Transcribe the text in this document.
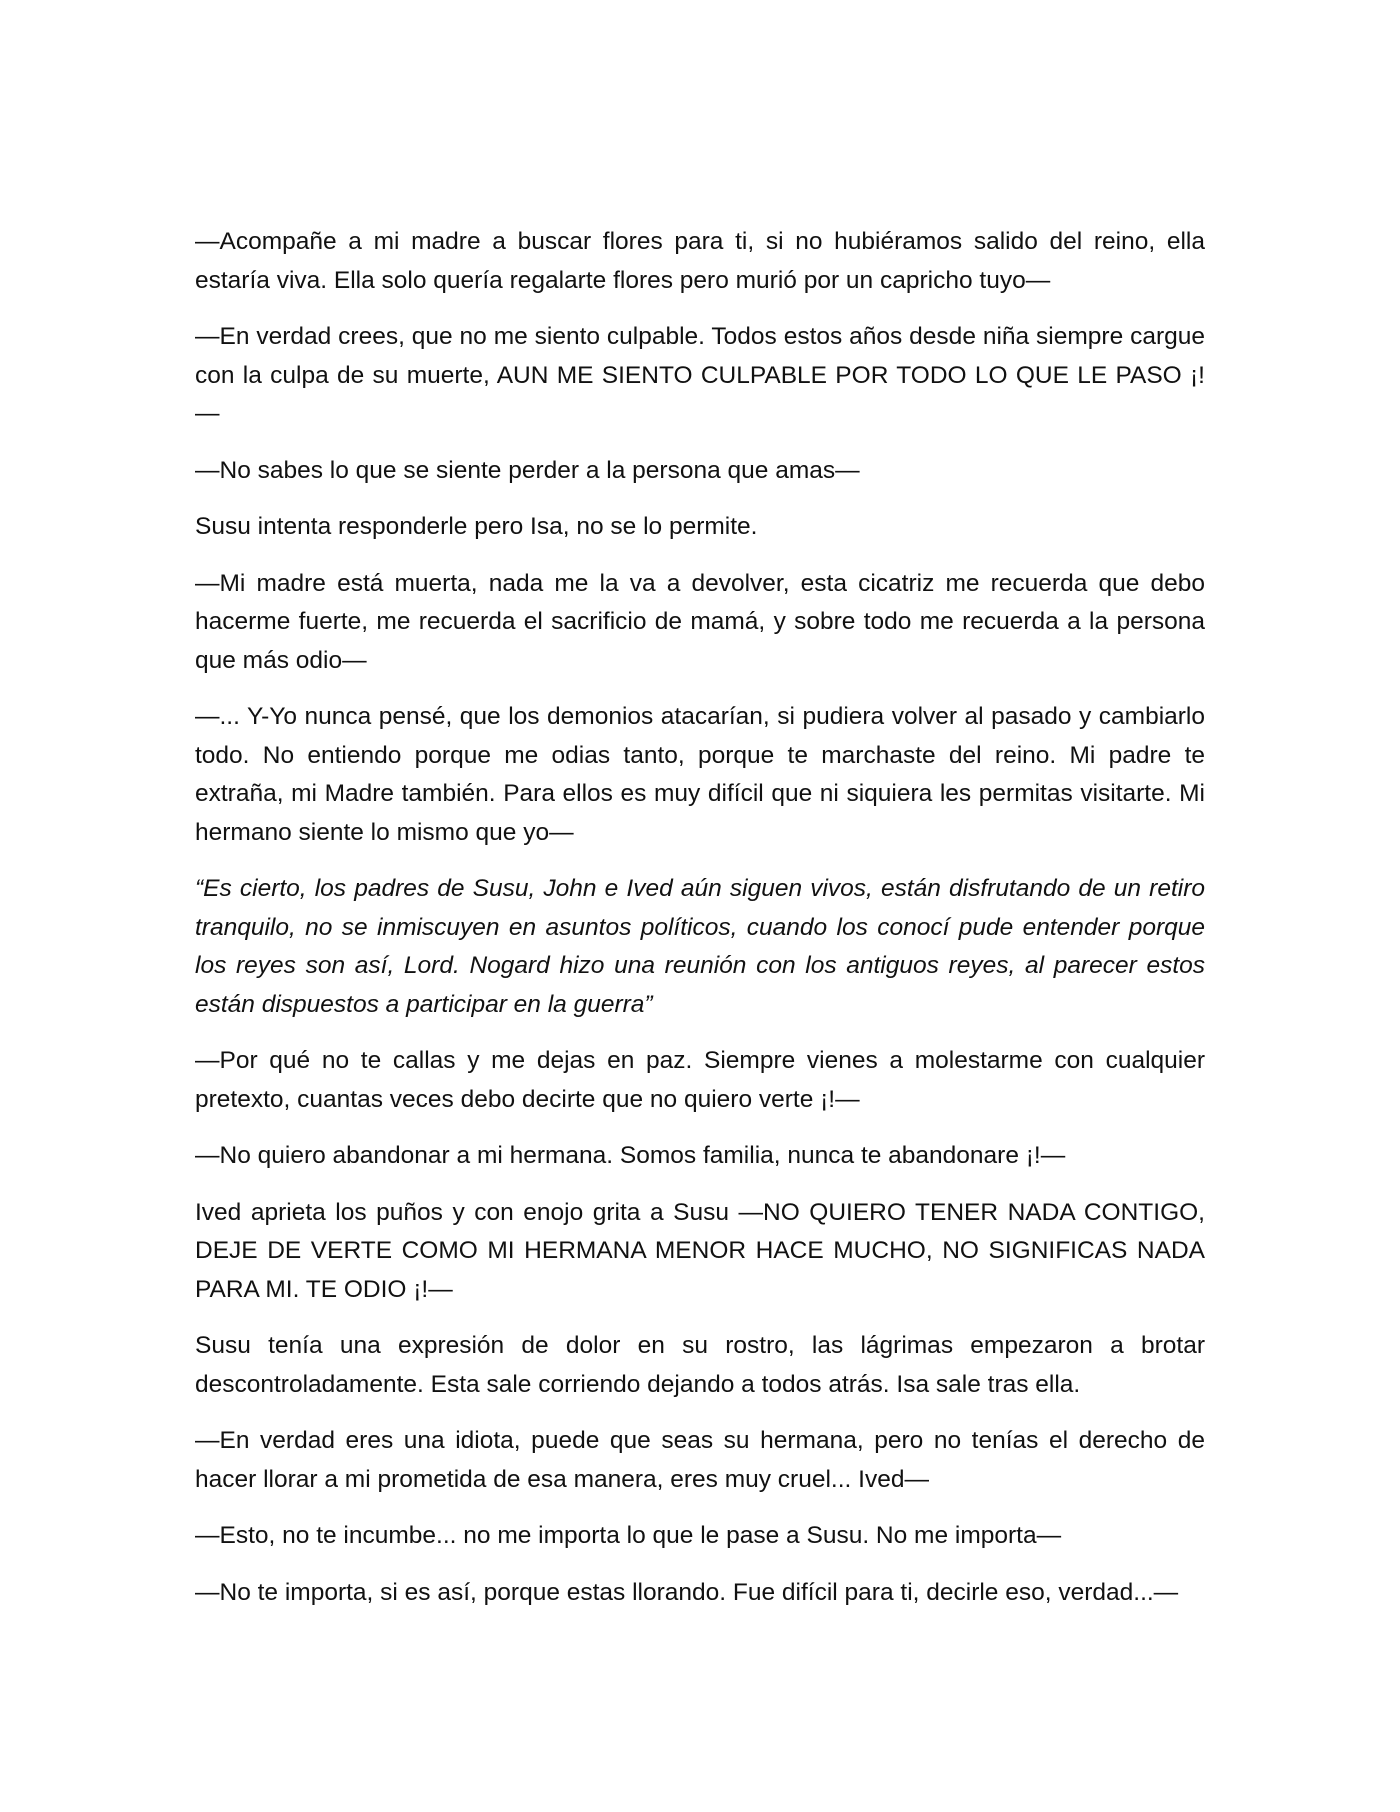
—Acompañe a mi madre a buscar flores para ti, si no hubiéramos salido del reino, ella estaría viva. Ella solo quería regalarte flores pero murió por un capricho tuyo—

—En verdad crees, que no me siento culpable. Todos estos años desde niña siempre cargue con la culpa de su muerte, AUN ME SIENTO CULPABLE POR TODO LO QUE LE PASO ¡!—

—No sabes lo que se siente perder a la persona que amas—

Susu intenta responderle pero Isa, no se lo permite.

—Mi madre está muerta, nada me la va a devolver, esta cicatriz me recuerda que debo hacerme fuerte, me recuerda el sacrificio de mamá, y sobre todo me recuerda a la persona que más odio—

—... Y-Yo nunca pensé, que los demonios atacarían, si pudiera volver al pasado y cambiarlo todo. No entiendo porque me odias tanto, porque te marchaste del reino. Mi padre te extraña, mi Madre también. Para ellos es muy difícil que ni siquiera les permitas visitarte. Mi hermano siente lo mismo que yo—

“Es cierto, los padres de Susu, John e Ived aún siguen vivos, están disfrutando de un retiro tranquilo, no se inmiscuyen en asuntos políticos, cuando los conocí pude entender porque los reyes son así, Lord. Nogard hizo una reunión con los antiguos reyes, al parecer estos están dispuestos a participar en la guerra”

—Por qué no te callas y me dejas en paz. Siempre vienes a molestarme con cualquier pretexto, cuantas veces debo decirte que no quiero verte ¡!—

—No quiero abandonar a mi hermana. Somos familia, nunca te abandonare ¡!—

Ived aprieta los puños y con enojo grita a Susu —NO QUIERO TENER NADA CONTIGO, DEJE DE VERTE COMO MI HERMANA MENOR HACE MUCHO, NO SIGNIFICAS NADA PARA MI. TE ODIO ¡!—

Susu tenía una expresión de dolor en su rostro, las lágrimas empezaron a brotar descontroladamente. Esta sale corriendo dejando a todos atrás. Isa sale tras ella.

—En verdad eres una idiota, puede que seas su hermana, pero no tenías el derecho de hacer llorar a mi prometida de esa manera, eres muy cruel... Ived—

—Esto, no te incumbe... no me importa lo que le pase a Susu. No me importa—

—No te importa, si es así, porque estas llorando. Fue difícil para ti, decirle eso, verdad...—
